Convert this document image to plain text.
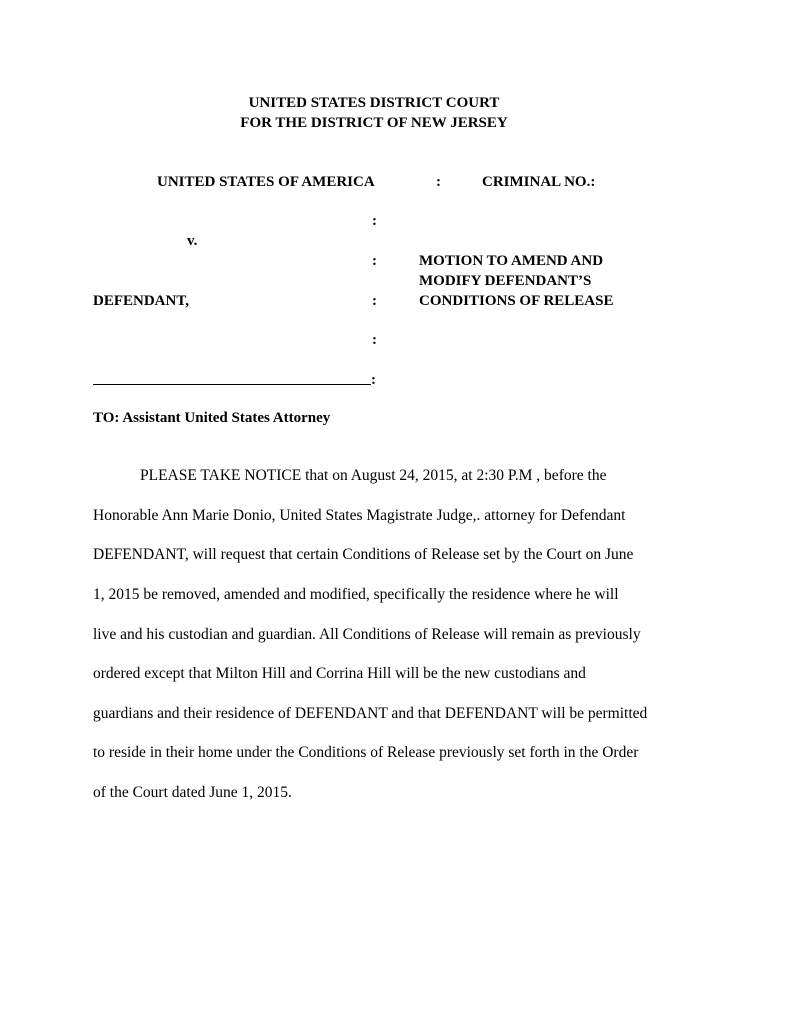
UNITED STATES DISTRICT COURT
FOR THE DISTRICT OF NEW JERSEY
UNITED STATES OF AMERICA	:	CRIMINAL NO.:
:
v.
:	MOTION TO AMEND AND
MODIFY DEFENDANT’S
DEFENDANT,	:	CONDITIONS OF RELEASE
:
:
TO: Assistant United States Attorney
PLEASE TAKE NOTICE that on August 24, 2015, at 2:30 P.M , before the
Honorable Ann Marie Donio, United States Magistrate Judge,. attorney for Defendant
DEFENDANT, will request that certain Conditions of Release set by the Court on June
1, 2015 be removed, amended and modified, specifically the residence where he will
live and his custodian and guardian. All Conditions of Release will remain as previously
ordered except that Milton Hill and Corrina Hill will be the new custodians and
guardians and their residence of DEFENDANT and that DEFENDANT will be permitted
to reside in their home under the Conditions of Release previously set forth in the Order
of the Court dated June 1, 2015.
